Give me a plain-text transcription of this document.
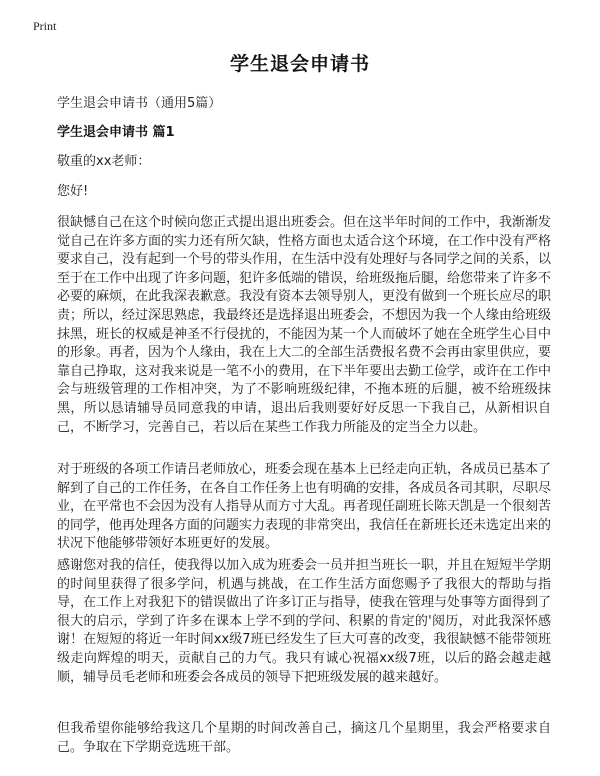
Print
学生退会申请书
学生退会申请书（通用5篇）
学生退会申请书 篇1
敬重的xx老师：
您好!

很缺憾自己在这个时候向您正式提出退出班委会。但在这半年时间的工作中，我渐渐发觉自己在许多方面的实力还有所欠缺，性格方面也太适合这个环境，在工作中没有严格要求自己，没有起到一个号的带头作用，在生活中没有处理好与各同学之间的关系，以至于在工作中出现了许多问题，犯许多低端的错误，给班级拖后腿，给您带来了许多不必要的麻烦，在此我深表歉意。我没有资本去领导别人，更没有做到一个班长应尽的职责；所以，经过深思熟虑，我最终还是选择退出班委会，不想因为我一个人缘由给班级抹黑，班长的权威是神圣不行侵扰的，不能因为某一个人而破坏了她在全班学生心目中的形象。再者，因为个人缘由，我在上大二的全部生活费报名费不会再由家里供应，要靠自己挣取，这对我来说是一笔不小的费用，在下半年要出去勤工俭学，或许在工作中会与班级管理的工作相冲突，为了不影响班级纪律，不拖本班的后腿，被不给班级抹黑，所以恳请辅导员同意我的申请，退出后我则要好好反思一下我自己，从新相识自己，不断学习，完善自己，若以后在某些工作我力所能及的定当全力以赴。

对于班级的各项工作请吕老师放心，班委会现在基本上已经走向正轨，各成员已基本了解到了自己的工作任务，在各自工作任务上也有明确的安排，各成员各司其职，尽职尽业，在平常也不会因为没有人指导从而方寸大乱。再者现任副班长陈天凯是一个很刻苦的同学，他再处理各方面的问题实力表现的非常突出，我信任在新班长还未选定出来的状况下他能够带领好本班更好的发展。

感谢您对我的信任，使我得以加入成为班委会一员并担当班长一职，并且在短短半学期的时间里获得了很多学问，机遇与挑战，在工作生活方面您赐予了我很大的帮助与指导，在工作上对我犯下的错误做出了许多订正与指导，使我在管理与处事等方面得到了很大的启示，学到了许多在课本上学不到的学问、积累的肯定的'阅历，对此我深怀感谢！在短短的将近一年时间xx级7班已经发生了巨大可喜的改变，我很缺憾不能带领班级走向辉煌的明天，贡献自己的力气。我只有诚心祝福xx级7班，以后的路会越走越顺，辅导员毛老师和班委会各成员的领导下把班级发展的越来越好。

但我希望你能够给我这几个星期的时间改善自己，摘这几个星期里，我会严格要求自己。争取在下学期竞选班干部。
